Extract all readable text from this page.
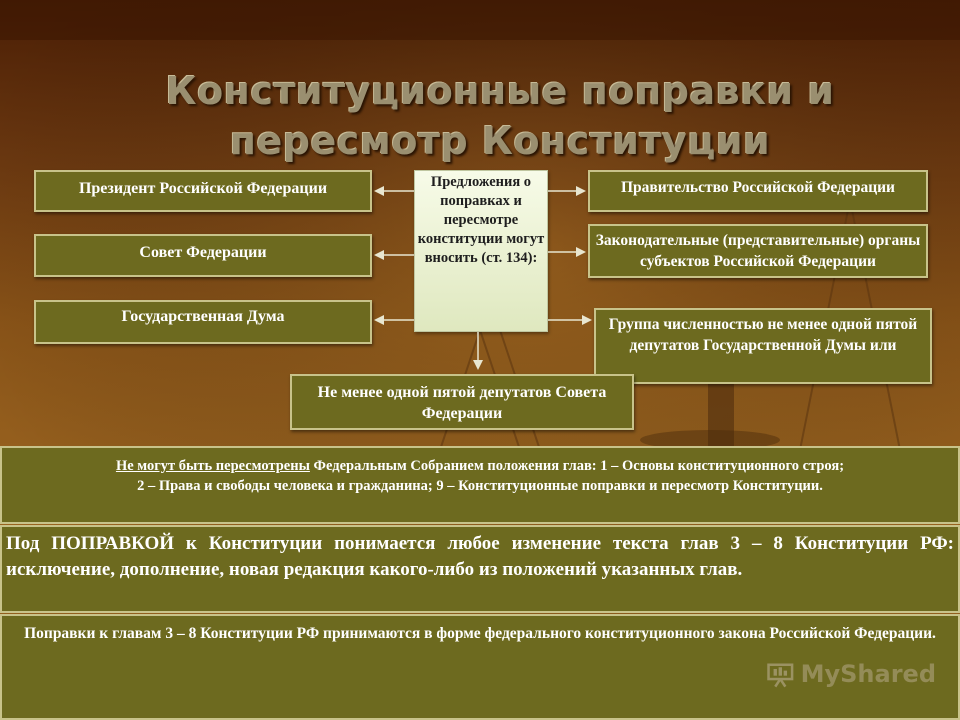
Конституционные поправки и пересмотр Конституции
Президент Российской Федерации
Совет Федерации
Государственная Дума
Предложения о поправках и пересмотре конституции могут вносить (ст. 134):
Правительство Российской Федерации
Законодательные (представительные) органы субъектов Российской Федерации
Группа численностью не менее одной пятой депутатов Государственной Думы или
Не менее одной пятой депутатов Совета Федерации

Не могут быть пересмотрены Федеральным Собранием положения глав: 1 – Основы конституционного строя;

2 – Права и свободы человека и гражданина; 9 – Конституционные поправки и пересмотр Конституции.

Под ПОПРАВКОЙ к Конституции понимается любое изменение текста глав 3 – 8 Конституции РФ: исключение, дополнение, новая редакция какого-либо из положений указанных глав.

Поправки к главам 3 – 8 Конституции РФ принимаются в форме федерального конституционного закона Российской Федерации.

MyShared
